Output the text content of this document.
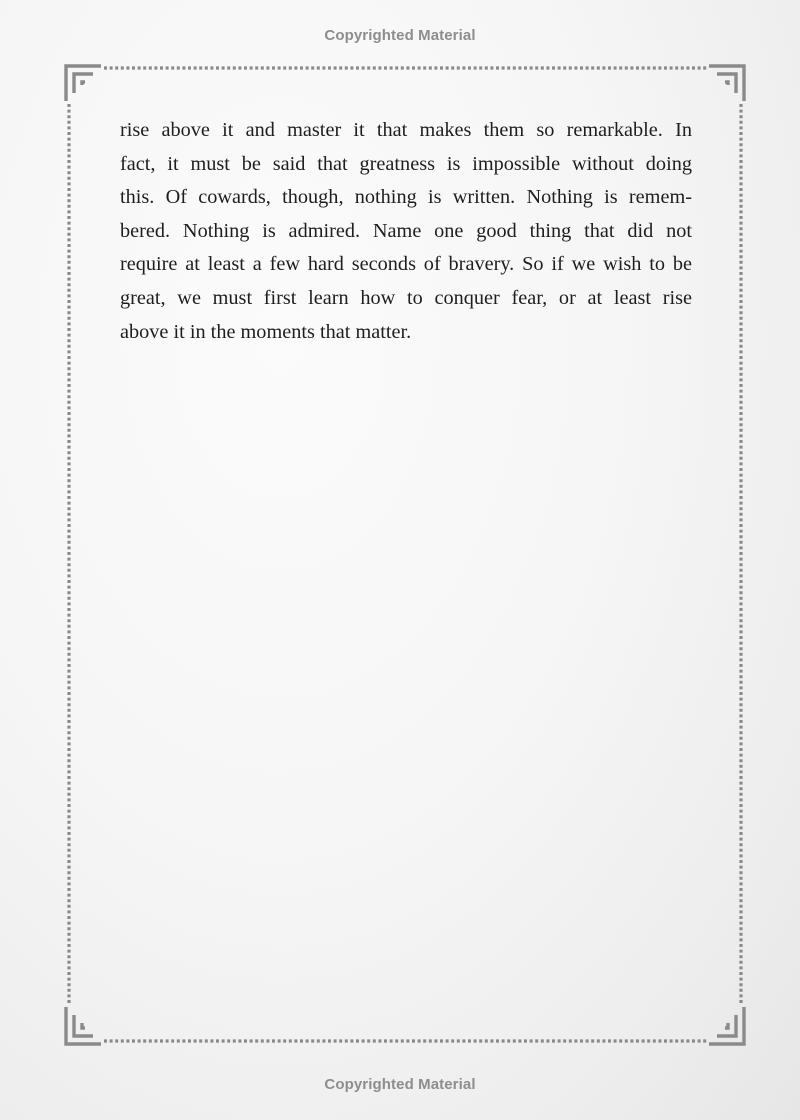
Copyrighted Material
rise above it and master it that makes them so remarkable. In
fact, it must be said that greatness is impossible without doing
this. Of cowards, though, nothing is written. Nothing is remem-
bered. Nothing is admired. Name one good thing that did not
require at least a few hard seconds of bravery. So if we wish to be
great, we must first learn how to conquer fear, or at least rise
above it in the moments that matter.
Copyrighted Material
